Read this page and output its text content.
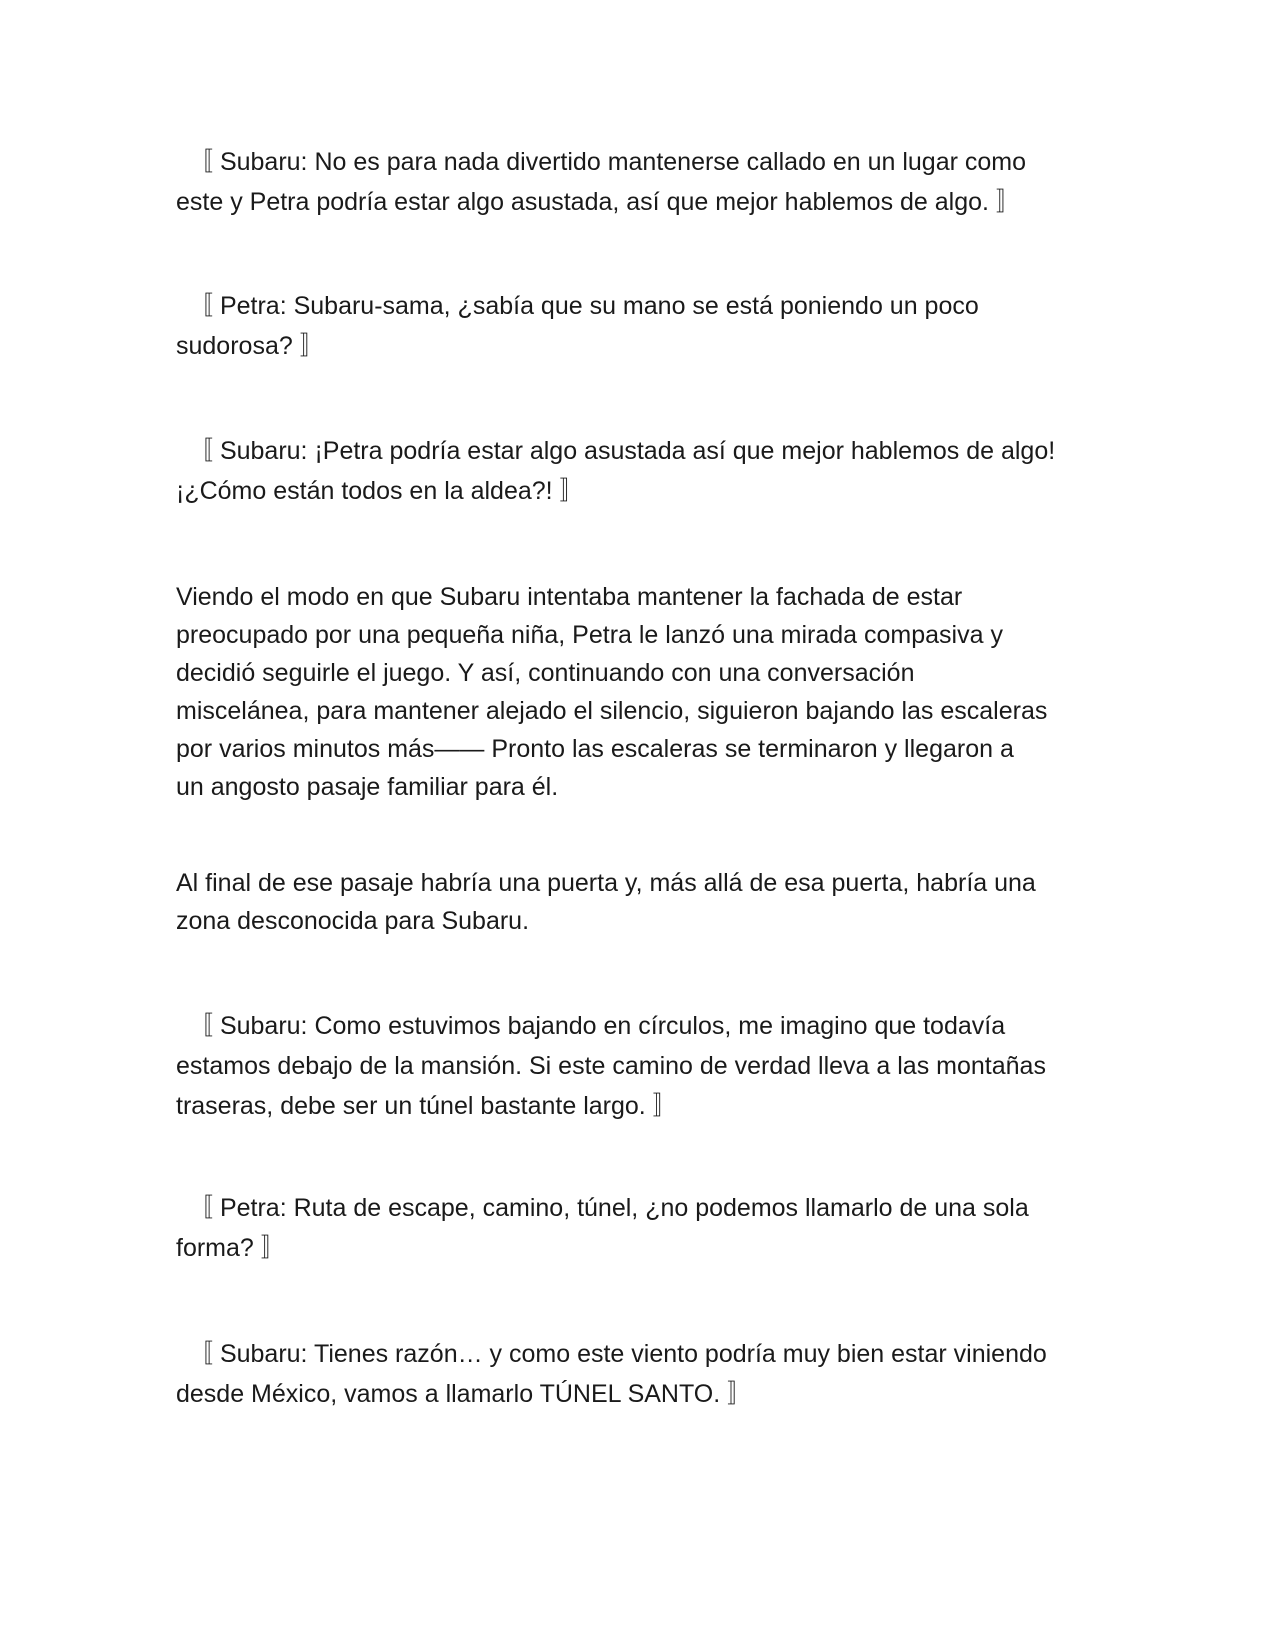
〚 Subaru: No es para nada divertido mantenerse callado en un lugar como
este y Petra podría estar algo asustada, así que mejor hablemos de algo. 〛

〚 Petra: Subaru-sama, ¿sabía que su mano se está poniendo un poco
sudorosa? 〛

〚 Subaru: ¡Petra podría estar algo asustada así que mejor hablemos de algo!
¡¿Cómo están todos en la aldea?! 〛

Viendo el modo en que Subaru intentaba mantener la fachada de estar
preocupado por una pequeña niña, Petra le lanzó una mirada compasiva y
decidió seguirle el juego. Y así, continuando con una conversación
miscelánea, para mantener alejado el silencio, siguieron bajando las escaleras
por varios minutos más—— Pronto las escaleras se terminaron y llegaron a
un angosto pasaje familiar para él.

Al final de ese pasaje habría una puerta y, más allá de esa puerta, habría una
zona desconocida para Subaru.

〚 Subaru: Como estuvimos bajando en círculos, me imagino que todavía
estamos debajo de la mansión. Si este camino de verdad lleva a las montañas
traseras, debe ser un túnel bastante largo. 〛

〚 Petra: Ruta de escape, camino, túnel, ¿no podemos llamarlo de una sola
forma? 〛

〚 Subaru: Tienes razón… y como este viento podría muy bien estar viniendo
desde México, vamos a llamarlo TÚNEL SANTO. 〛
